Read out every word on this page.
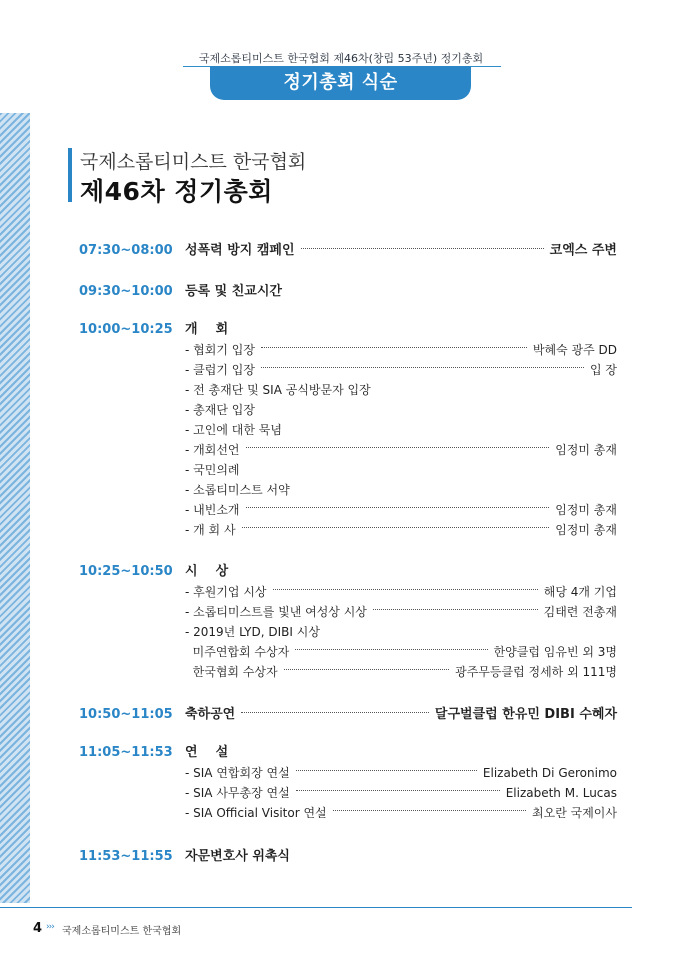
국제소롭티미스트 한국협회 제46차(창립 53주년) 정기총회
정기총회 식순
국제소롭티미스트 한국협회
제46차 정기총회
07:30~08:00 성폭력 방지 캠페인	코엑스 주변
09:30~10:00 등록 및 친교시간
10:00~10:25 개    회
- 협회기 입장	박혜숙 광주 DD
- 클럽기 입장	입 장
- 전 총재단 및 SIA 공식방문자 입장
- 총재단 입장
- 고인에 대한 묵념
- 개회선언	임정미 총재
- 국민의례
- 소롭티미스트 서약
- 내빈소개	임정미 총재
- 개 회 사	임정미 총재
10:25~10:50 시    상
- 후원기업 시상	해당 4개 기업
- 소롭티미스트를 빛낸 여성상 시상	김태련 전총재
- 2019년 LYD, DIBI 시상
미주연합회 수상자	한양클럽 임유빈 외 3명
한국협회 수상자	광주무등클럽 정세하 외 111명
10:50~11:05 축하공연	달구벌클럽 한유민 DIBI 수혜자
11:05~11:53 연    설
- SIA 연합회장 연설	Elizabeth Di Geronimo
- SIA 사무총장 연설	Elizabeth M. Lucas
- SIA Official Visitor 연설	최오란 국제이사
11:53~11:55 자문변호사 위촉식
4 ››› 국제소롭티미스트 한국협회
